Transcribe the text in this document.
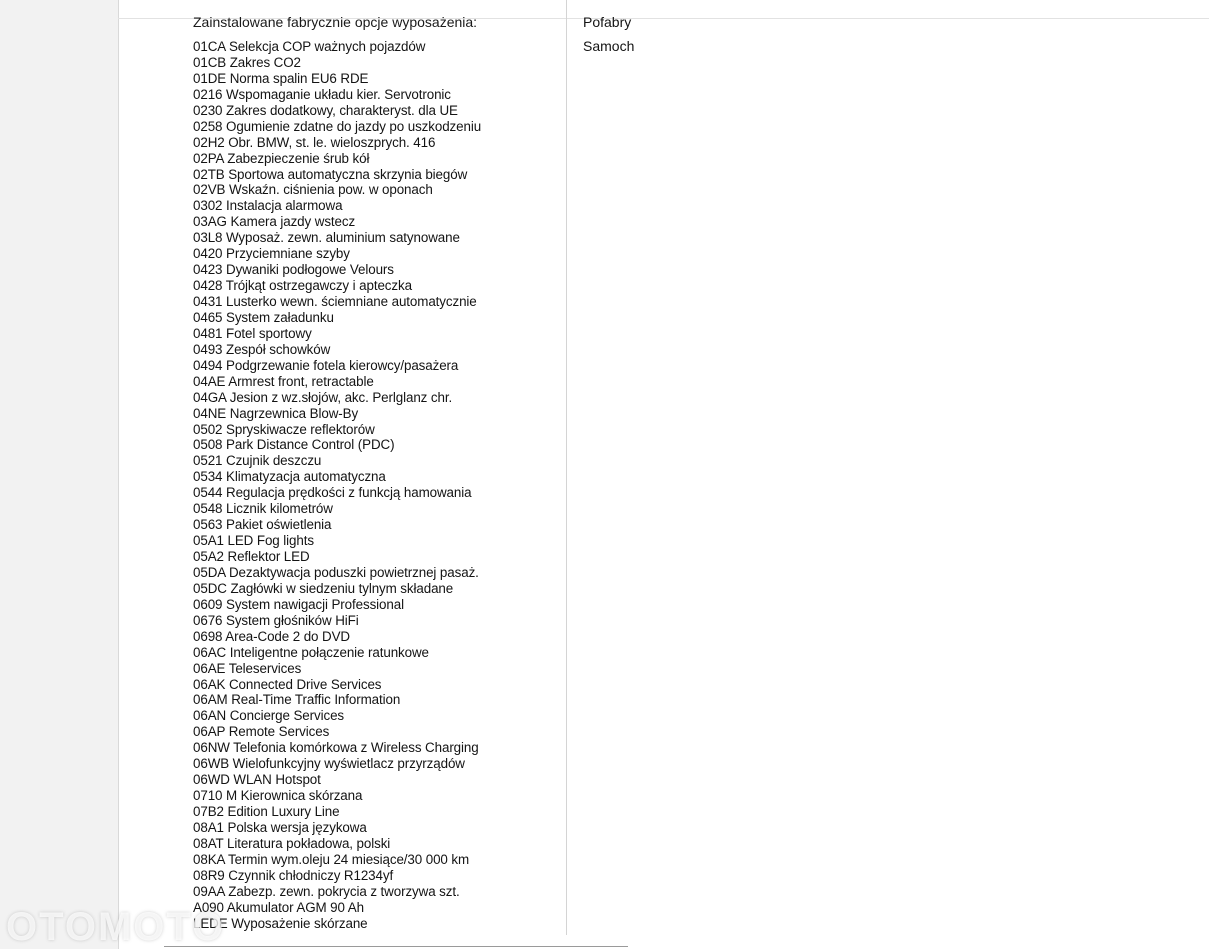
Zainstalowane fabrycznie opcje wyposażenia:
01CA Selekcja COP ważnych pojazdów
01CB Zakres CO2
01DE Norma spalin EU6 RDE
0216 Wspomaganie układu kier. Servotronic
0230 Zakres dodatkowy, charakteryst. dla UE
0258 Ogumienie zdatne do jazdy po uszkodzeniu
02H2 Obr. BMW, st. le. wieloszprych. 416
02PA Zabezpieczenie śrub kół
02TB Sportowa automatyczna skrzynia biegów
02VB Wskaźn. ciśnienia pow. w oponach
0302 Instalacja alarmowa
03AG Kamera jazdy wstecz
03L8 Wyposaż. zewn. aluminium satynowane
0420 Przyciemniane szyby
0423 Dywaniki podłogowe Velours
0428 Trójkąt ostrzegawczy i apteczka
0431 Lusterko wewn. ściemniane automatycznie
0465 System załadunku
0481 Fotel sportowy
0493 Zespół schowków
0494 Podgrzewanie fotela kierowcy/pasażera
04AE Armrest front, retractable
04GA Jesion z wz.słojów, akc. Perlglanz chr.
04NE Nagrzewnica Blow-By
0502 Spryskiwacze reflektorów
0508 Park Distance Control (PDC)
0521 Czujnik deszczu
0534 Klimatyzacja automatyczna
0544 Regulacja prędkości z funkcją hamowania
0548 Licznik kilometrów
0563 Pakiet oświetlenia
05A1 LED Fog lights
05A2 Reflektor LED
05DA Dezaktywacja poduszki powietrznej pasaż.
05DC Zagłówki w siedzeniu tylnym składane
0609 System nawigacji Professional
0676 System głośników HiFi
0698 Area-Code 2 do DVD
06AC Inteligentne połączenie ratunkowe
06AE Teleservices
06AK Connected Drive Services
06AM Real-Time Traffic Information
06AN Concierge Services
06AP Remote Services
06NW Telefonia komórkowa z Wireless Charging
06WB Wielofunkcyjny wyświetlacz przyrządów
06WD WLAN Hotspot
0710 M Kierownica skórzana
07B2 Edition Luxury Line
08A1 Polska wersja językowa
08AT Literatura pokładowa, polski
08KA Termin wym.oleju 24 miesiące/30 000 km
08R9 Czynnik chłodniczy R1234yf
09AA Zabezp. zewn. pokrycia z tworzywa szt.
A090 Akumulator AGM 90 Ah
LEDE Wyposażenie skórzane
Pofabry
Samoch
OTOMOTO
